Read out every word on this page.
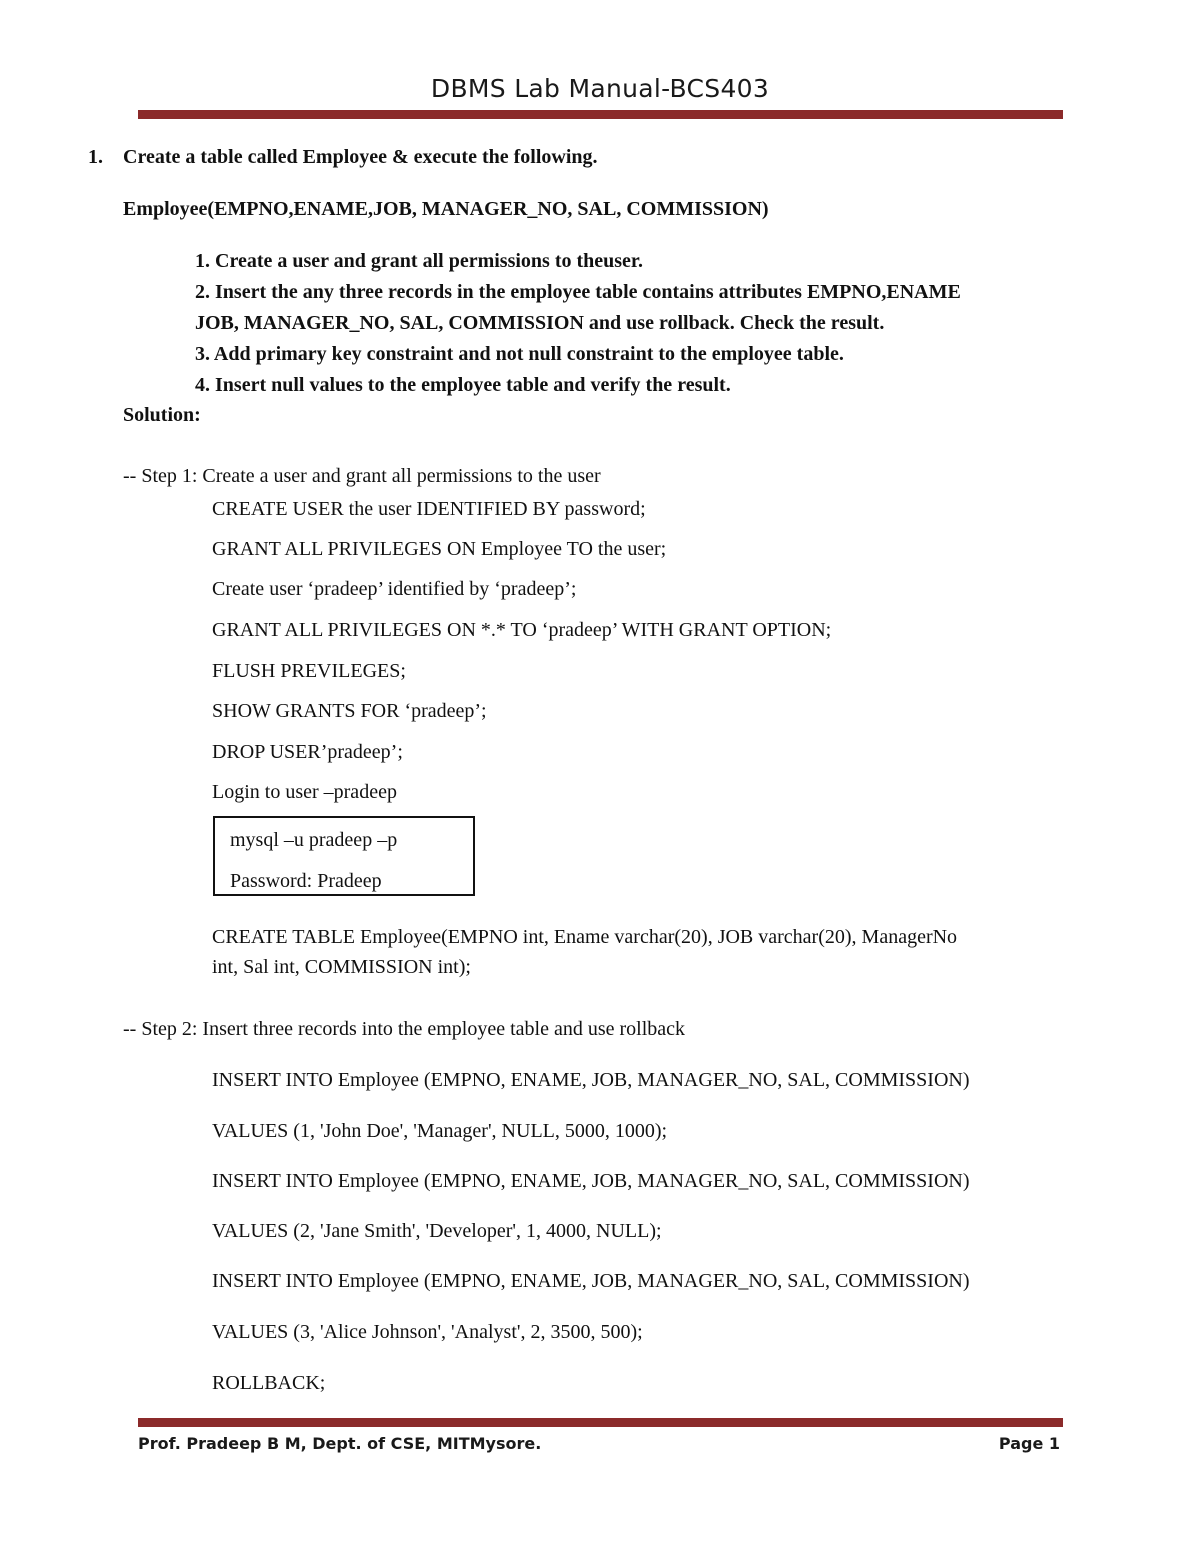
DBMS Lab Manual-BCS403
1. Create a table called Employee & execute the following.
Employee(EMPNO,ENAME,JOB, MANAGER_NO, SAL, COMMISSION)
1. Create a user and grant all permissions to theuser.
2. Insert the any three records in the employee table contains attributes EMPNO,ENAME
JOB, MANAGER_NO, SAL, COMMISSION and use rollback. Check the result.
3. Add primary key constraint and not null constraint to the employee table.
4. Insert null values to the employee table and verify the result.
Solution:
-- Step 1: Create a user and grant all permissions to the user
CREATE USER the user IDENTIFIED BY password;
GRANT ALL PRIVILEGES ON Employee TO the user;
Create user ‘pradeep’ identified by ‘pradeep’;
GRANT ALL PRIVILEGES ON *.* TO ‘pradeep’ WITH GRANT OPTION;
FLUSH PREVILEGES;
SHOW GRANTS FOR ‘pradeep’;
DROP USER’pradeep’;
Login to user –pradeep
mysql –u pradeep –p
Password: Pradeep
CREATE TABLE Employee(EMPNO int, Ename varchar(20), JOB varchar(20), ManagerNo
int, Sal int, COMMISSION int);
-- Step 2: Insert three records into the employee table and use rollback
INSERT INTO Employee (EMPNO, ENAME, JOB, MANAGER_NO, SAL, COMMISSION)
VALUES (1, 'John Doe', 'Manager', NULL, 5000, 1000);
INSERT INTO Employee (EMPNO, ENAME, JOB, MANAGER_NO, SAL, COMMISSION)
VALUES (2, 'Jane Smith', 'Developer', 1, 4000, NULL);
INSERT INTO Employee (EMPNO, ENAME, JOB, MANAGER_NO, SAL, COMMISSION)
VALUES (3, 'Alice Johnson', 'Analyst', 2, 3500, 500);
ROLLBACK;
Prof. Pradeep B M, Dept. of CSE, MITMysore.	Page 1
